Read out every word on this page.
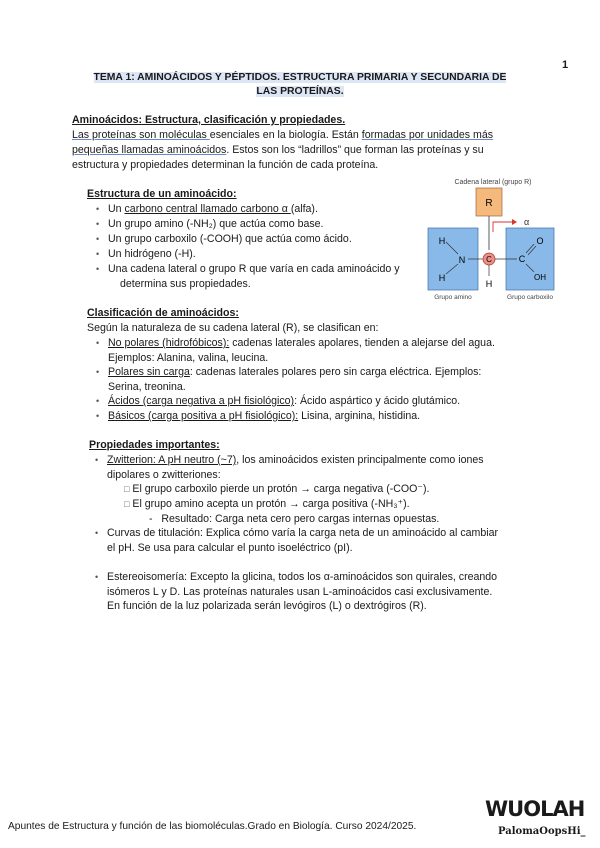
1
TEMA 1: AMINOÁCIDOS Y PÉPTIDOS. ESTRUCTURA PRIMARIA Y SECUNDARIA DE
LAS PROTEÍNAS.
Aminoácidos: Estructura, clasificación y propiedades.
Las proteínas son moléculas esenciales en la biología. Están formadas por unidades más
pequeñas llamadas aminoácidos. Estos son los “ladrillos” que forman las proteínas y su
estructura y propiedades determinan la función de cada proteína.
Estructura de un aminoácido:
• Un carbono central llamado carbono α (alfa).
• Un grupo amino (-NH₂) que actúa como base.
• Un grupo carboxilo (-COOH) que actúa como ácido.
• Un hidrógeno (-H).
• Una cadena lateral o grupo R que varía en cada aminoácido y
determina sus propiedades.
Cadena lateral (grupo R)
R
H
N
H
C	C
O
OH
H
α
Grupo amino	Grupo carboxilo
Clasificación de aminoácidos:
Según la naturaleza de su cadena lateral (R), se clasifican en:
• No polares (hidrofóbicos): cadenas laterales apolares, tienden a alejarse del agua.
Ejemplos: Alanina, valina, leucina.
• Polares sin carga: cadenas laterales polares pero sin carga eléctrica. Ejemplos:
Serina, treonina.
• Ácidos (carga negativa a pH fisiológico): Ácido aspártico y ácido glutámico.
• Básicos (carga positiva a pH fisiológico): Lisina, arginina, histidina.
Propiedades importantes:
• Zwitterion: A pH neutro (~7), los aminoácidos existen principalmente como iones
dipolares o zwitteriones:
□ El grupo carboxilo pierde un protón → carga negativa (-COO⁻).
□ El grupo amino acepta un protón → carga positiva (-NH₃⁺).
- Resultado: Carga neta cero pero cargas internas opuestas.
• Curvas de titulación: Explica cómo varía la carga neta de un aminoácido al cambiar
el pH. Se usa para calcular el punto isoeléctrico (pI).
• Estereoisomería: Excepto la glicina, todos los α-aminoácidos son quirales, creando
isómeros L y D. Las proteínas naturales usan L-aminoácidos casi exclusivamente.
En función de la luz polarizada serán levógiros (L) o dextrógiros (R).
Apuntes de Estructura y función de las biomoléculas.Grado en Biología. Curso 2024/2025.
WUOLAH
PalomaOopsHi_
